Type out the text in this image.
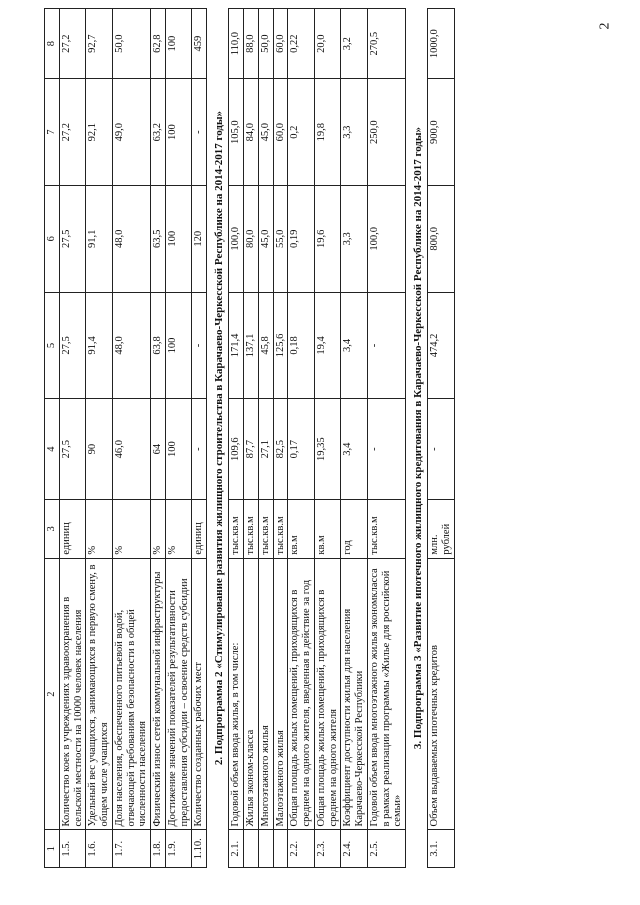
2
1	2	3	4	5	6	7	8
1.5.	Количество коек в учреждениях здравоохранения в сельской местности на 10000 человек населения	единиц	27,5	27,5	27,5	27,2	27,2
1.6.	Удельный вес учащихся, занимающихся в первую смену, в общем числе учащихся	%	90	91,4	91,1	92,1	92,7
1.7.	Доля населения, обеспеченного питьевой водой, отвечающей требованиям безопасности в общей численности населения	%	46,0	48,0	48,0	49,0	50,0
1.8.	Физический износ сетей коммунальной инфраструктуры	%	64	63,8	63,5	63,2	62,8
1.9.	Достижение значений показателей результативности предоставления субсидии – освоение средств субсидии	%	100	100	100	100	100
1.10.	Количество созданных рабочих мест	единиц	-	-	120	-	459
2. Подпрограмма 2 «Стимулирование развития жилищного строительства в Карачаево-Черкесской Республике на 2014-2017 годы»							
2.1.	Годовой объем ввода жилья, в том числе:	тыс.кв.м	109,6	171,4	100,0	105,0	110,0
	Жилья эконом-класса	тыс.кв.м	87,7	137,1	80,0	84,0	88,0
	Многоэтажного жилья	тыс.кв.м	27,1	45,8	45,0	45,0	50,0
	Малоэтажного жилья	тыс.кв.м	82,5	125,6	55,0	60,0	60,0
2.2.	Общая площадь жилых помещений, приходящихся в среднем на одного жителя, введенная в действие за год	кв.м	0,17	0,18	0,19	0,2	0,22
2.3.	Общая площадь жилых помещений, приходящихся в среднем на одного жителя	кв.м	19,35	19,4	19,6	19,8	20,0
2.4.	Коэффициент доступности жилья для населения Карачаево-Черкесской Республики	год	3,4	3,4	3,3	3,3	3,2
2.5.	Годовой объем ввода многоэтажного жилья экономкласса в рамках реализации программы «Жилье для российской семьи»	тыс.кв.м	-	-	100,0	250,0	270,5
3. Подпрограмма 3 «Развитие ипотечного жилищного кредитования в Карачаево-Черкесской Республике на 2014-2017 годы»							
3.1.	Объем выдаваемых ипотечных кредитов	млн. рублей	-	474,2	800,0	900,0	1000,0
